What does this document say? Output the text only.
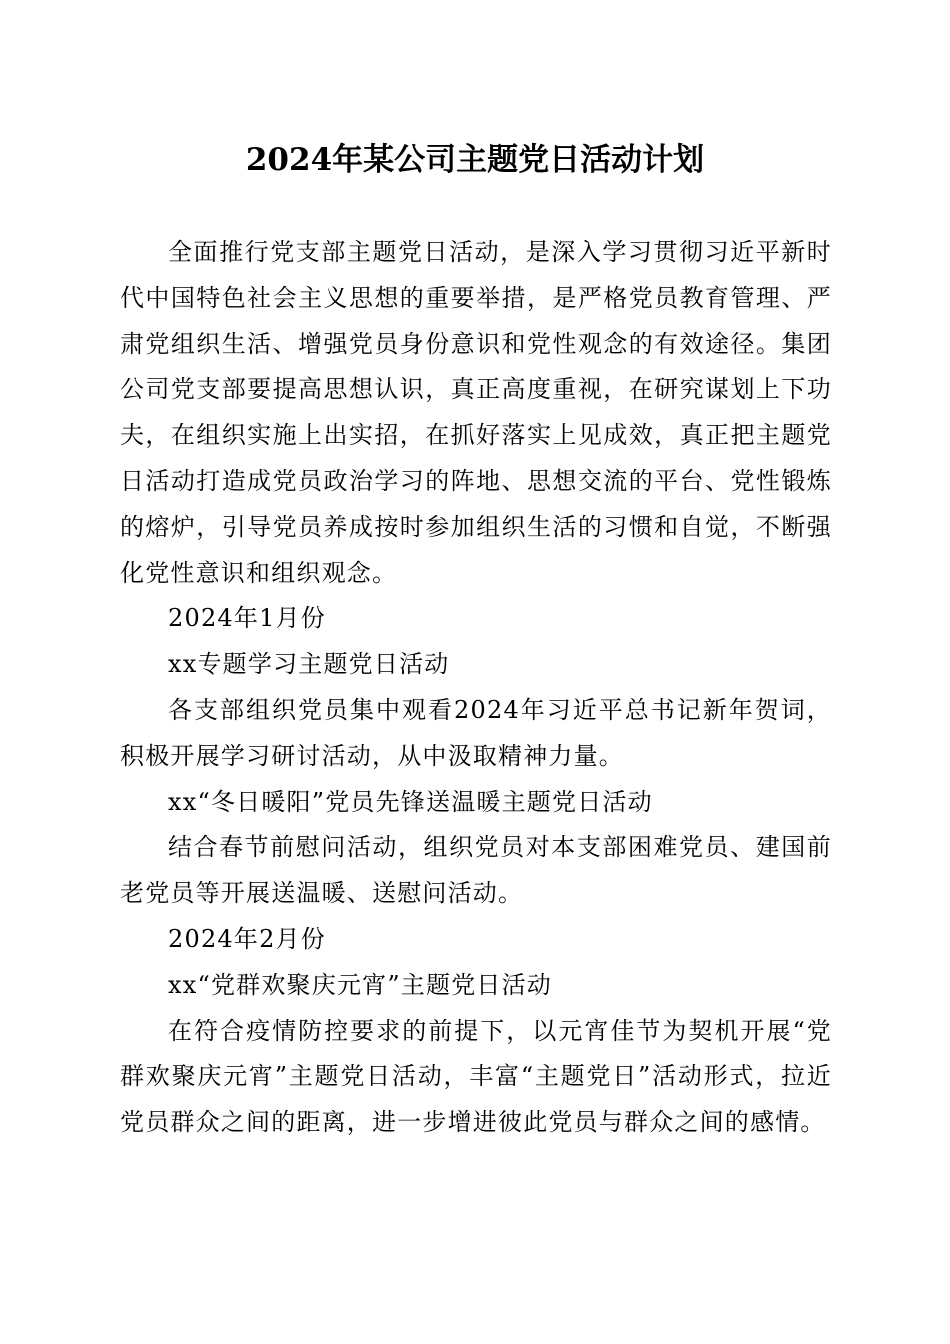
2024年某公司主题党日活动计划

全面推行党支部主题党日活动，是深入学习贯彻习近平新时代中国特色社会主义思想的重要举措，是严格党员教育管理、严肃党组织生活、增强党员身份意识和党性观念的有效途径。集团公司党支部要提高思想认识，真正高度重视，在研究谋划上下功夫，在组织实施上出实招，在抓好落实上见成效，真正把主题党日活动打造成党员政治学习的阵地、思想交流的平台、党性锻炼的熔炉，引导党员养成按时参加组织生活的习惯和自觉，不断强化党性意识和组织观念。

2024年1月份

xx专题学习主题党日活动

各支部组织党员集中观看2024年习近平总书记新年贺词，积极开展学习研讨活动，从中汲取精神力量。

xx“冬日暖阳”党员先锋送温暖主题党日活动

结合春节前慰问活动，组织党员对本支部困难党员、建国前老党员等开展送温暖、送慰问活动。

2024年2月份

xx“党群欢聚庆元宵”主题党日活动

在符合疫情防控要求的前提下，以元宵佳节为契机开展“党群欢聚庆元宵”主题党日活动，丰富“主题党日”活动形式，拉近党员群众之间的距离，进一步增进彼此党员与群众之间的感情。
